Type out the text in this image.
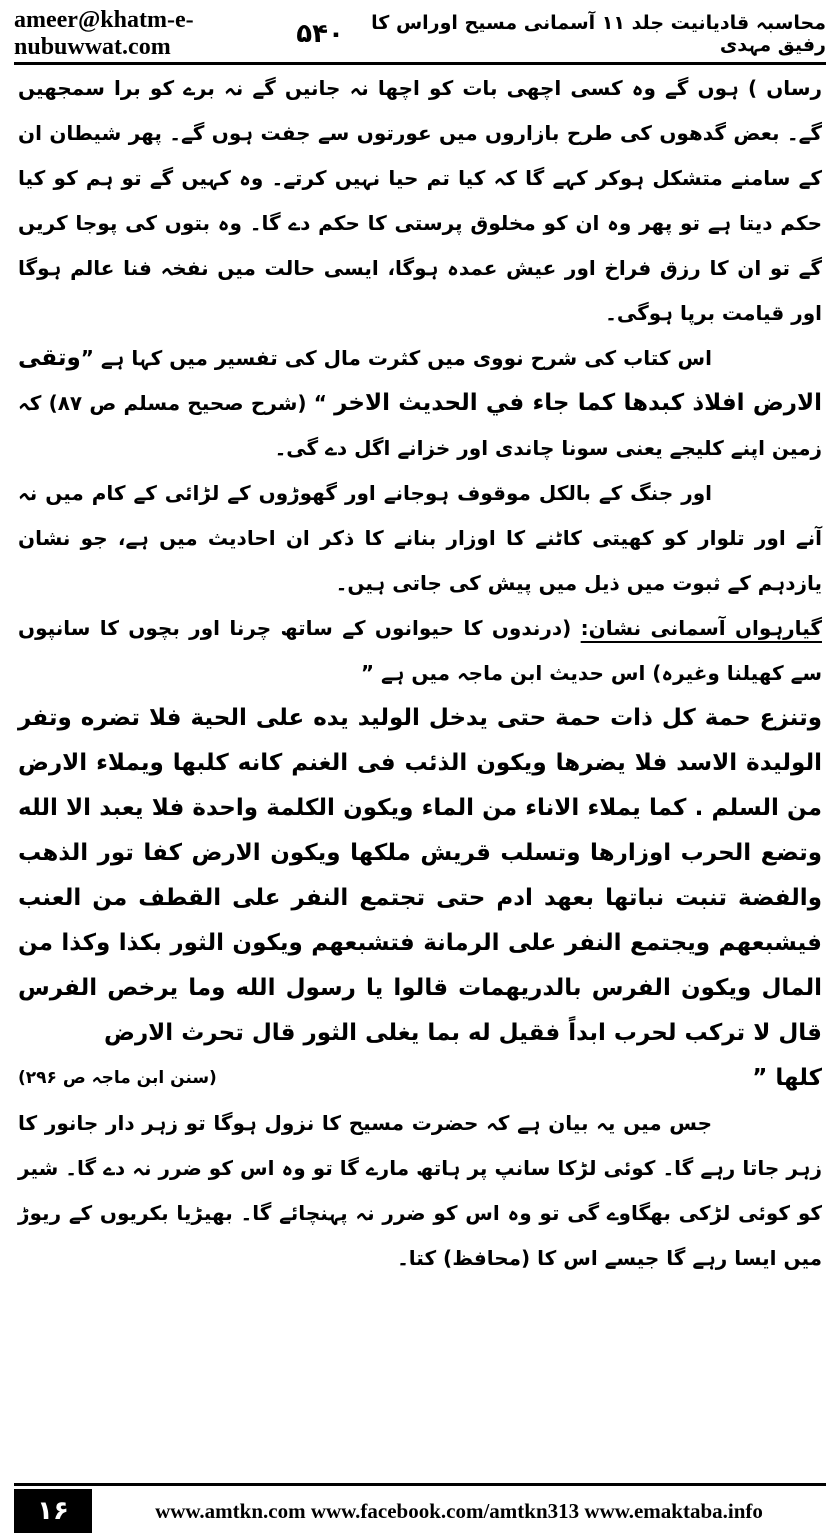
ameer@khatm-e-nubuwwat.com
محاسبہ قادیانیت جلد ۱۱ آسمانی مسیح اوراس کا رفیق مہدی
۵۴۰

رساں ) ہوں گے وہ کسی اچھی بات کو اچھا نہ جانیں گے نہ برے کو برا سمجھیں گے۔ بعض گدھوں کی طرح بازاروں میں عورتوں سے جفت ہوں گے۔ پھر شیطان ان کے سامنے متشکل ہوکر کہے گا کہ کیا تم حیا نہیں کرتے۔ وہ کہیں گے تو ہم کو کیا حکم دیتا ہے تو پھر وہ ان کو مخلوق پرستی کا حکم دے گا۔ وہ بتوں کی پوجا کریں گے تو ان کا رزق فراخ اور عیش عمدہ ہوگا، ایسی حالت میں نفخہ فنا عالم ہوگا اور قیامت برپا ہوگی۔

اس کتاب کی شرح نووی میں کثرت مال کی تفسیر میں کہا ہے ”وتقى الارض افلاذ كبدها كما جاء في الحديث الاخر “ (شرح صحیح مسلم ص ۸۷) کہ زمین اپنے کلیجے یعنی سونا چاندی اور خزانے اگل دے گی۔

اور جنگ کے بالکل موقوف ہوجانے اور گھوڑوں کے لڑائی کے کام میں نہ آنے اور تلوار کو کھیتی کاٹنے کا اوزار بنانے کا ذکر ان احادیث میں ہے، جو نشان یازدہم کے ثبوت میں ذیل میں پیش کی جاتی ہیں۔

گیارہواں آسمانی نشان: (درندوں کا حیوانوں کے ساتھ چرنا اور بچوں کا سانپوں سے کھیلنا وغیرہ) اس حدیث ابن ماجہ میں ہے ”

وتنزع حمة كل ذات حمة حتى يدخل الوليد يده على الحية فلا تضره وتفر الوليدة الاسد فلا يضرها ويكون الذئب فى الغنم كانه كلبها ويملاء الارض من السلم . كما يملاء الاناء من الماء ويكون الكلمة واحدة فلا يعبد الا الله وتضع الحرب اوزارها وتسلب قريش ملكها ويكون الارض كفا تور الذهب والفضة تنبت نباتها بعهد ادم حتى تجتمع النفر على القطف من العنب فيشبعهم ويجتمع النفر على الرمانة فتشبعهم ويكون الثور بكذا وكذا من المال ويكون الفرس بالدريهمات قالوا يا رسول الله وما يرخص الفرس قال لا تركب لحرب ابداً فقيل له بما يغلى الثور قال تحرث الارض

كلها ”
(سنن ابن ماجہ ص ۲۹۶)

جس میں یہ بیان ہے کہ حضرت مسیح کا نزول ہوگا تو زہر دار جانور کا زہر جاتا رہے گا۔ کوئی لڑکا سانپ پر ہاتھ مارے گا تو وہ اس کو ضرر نہ دے گا۔ شیر کو کوئی لڑکی بھگاوے گی تو وہ اس کو ضرر نہ پہنچائے گا۔ بھیڑیا بکریوں کے ریوڑ میں ایسا رہے گا جیسے اس کا (محافظ) کتا۔

۱۶	www.amtkn.com www.facebook.com/amtkn313 www.emaktaba.info
